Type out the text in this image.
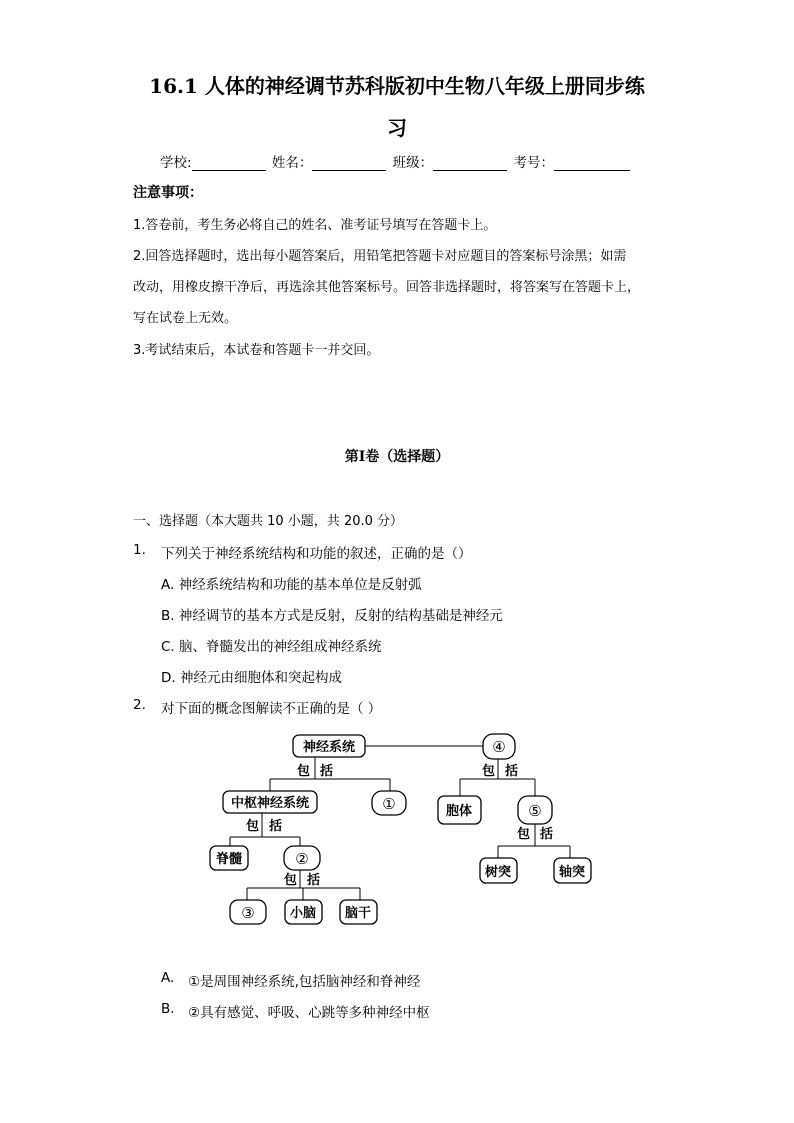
16.1 人体的神经调节苏科版初中生物八年级上册同步练
习
学校:	姓名：	班级：	考号：
注意事项：
1.答卷前，考生务必将自己的姓名、准考证号填写在答题卡上。
2.回答选择题时，选出每小题答案后，用铅笔把答题卡对应题目的答案标号涂黑；如需
改动，用橡皮擦干净后，再选涂其他答案标号。回答非选择题时，将答案写在答题卡上，
写在试卷上无效。
3.考试结束后，本试卷和答题卡一并交回。
第Ⅰ卷（选择题）
一、选择题（本大题共 10 小题，共 20.0 分）
1. 下列关于神经系统结构和功能的叙述，正确的是（）
A. 神经系统结构和功能的基本单位是反射弧
B. 神经调节的基本方式是反射，反射的结构基础是神经元
C. 脑、脊髓发出的神经组成神经系统
D. 神经元由细胞体和突起构成
2. 对下面的概念图解读不正确的是（ ）
神经系统	④
中枢神经系统	①	胞体	⑤
脊髓	②
树突	轴突
③	小脑 脑干
包 括	包 括
包 括
包 括
包 括
A. ①是周围神经系统,包括脑神经和脊神经
B. ②具有感觉、呼吸、心跳等多种神经中枢
